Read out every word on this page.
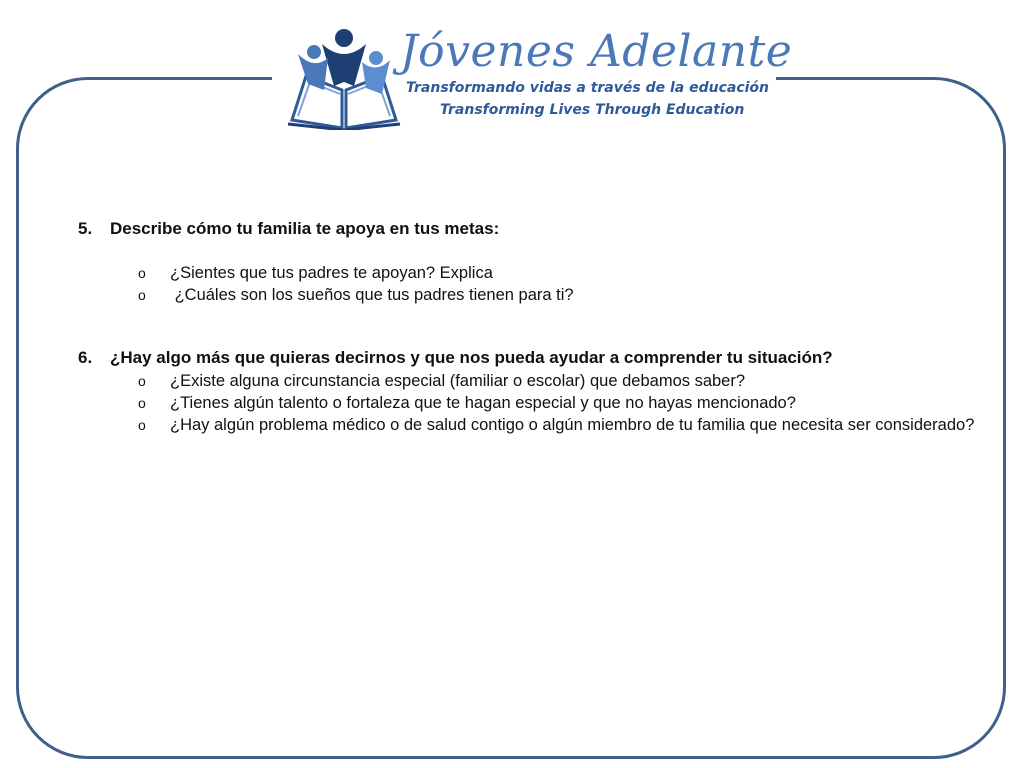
Jóvenes Adelante
Transformando vidas a través de la educación
Transforming Lives Through Education
5. Describe cómo tu familia te apoya en tus metas:
o ¿Sientes que tus padres te apoyan? Explica
o ¿Cuáles son los sueños que tus padres tienen para ti?
6. ¿Hay algo más que quieras decirnos y que nos pueda ayudar a comprender tu situación?
o ¿Existe alguna circunstancia especial (familiar o escolar) que debamos saber?
o ¿Tienes algún talento o fortaleza que te hagan especial y que no hayas mencionado?
o ¿Hay algún problema médico o de salud contigo o algún miembro de tu familia que necesita ser considerado?
